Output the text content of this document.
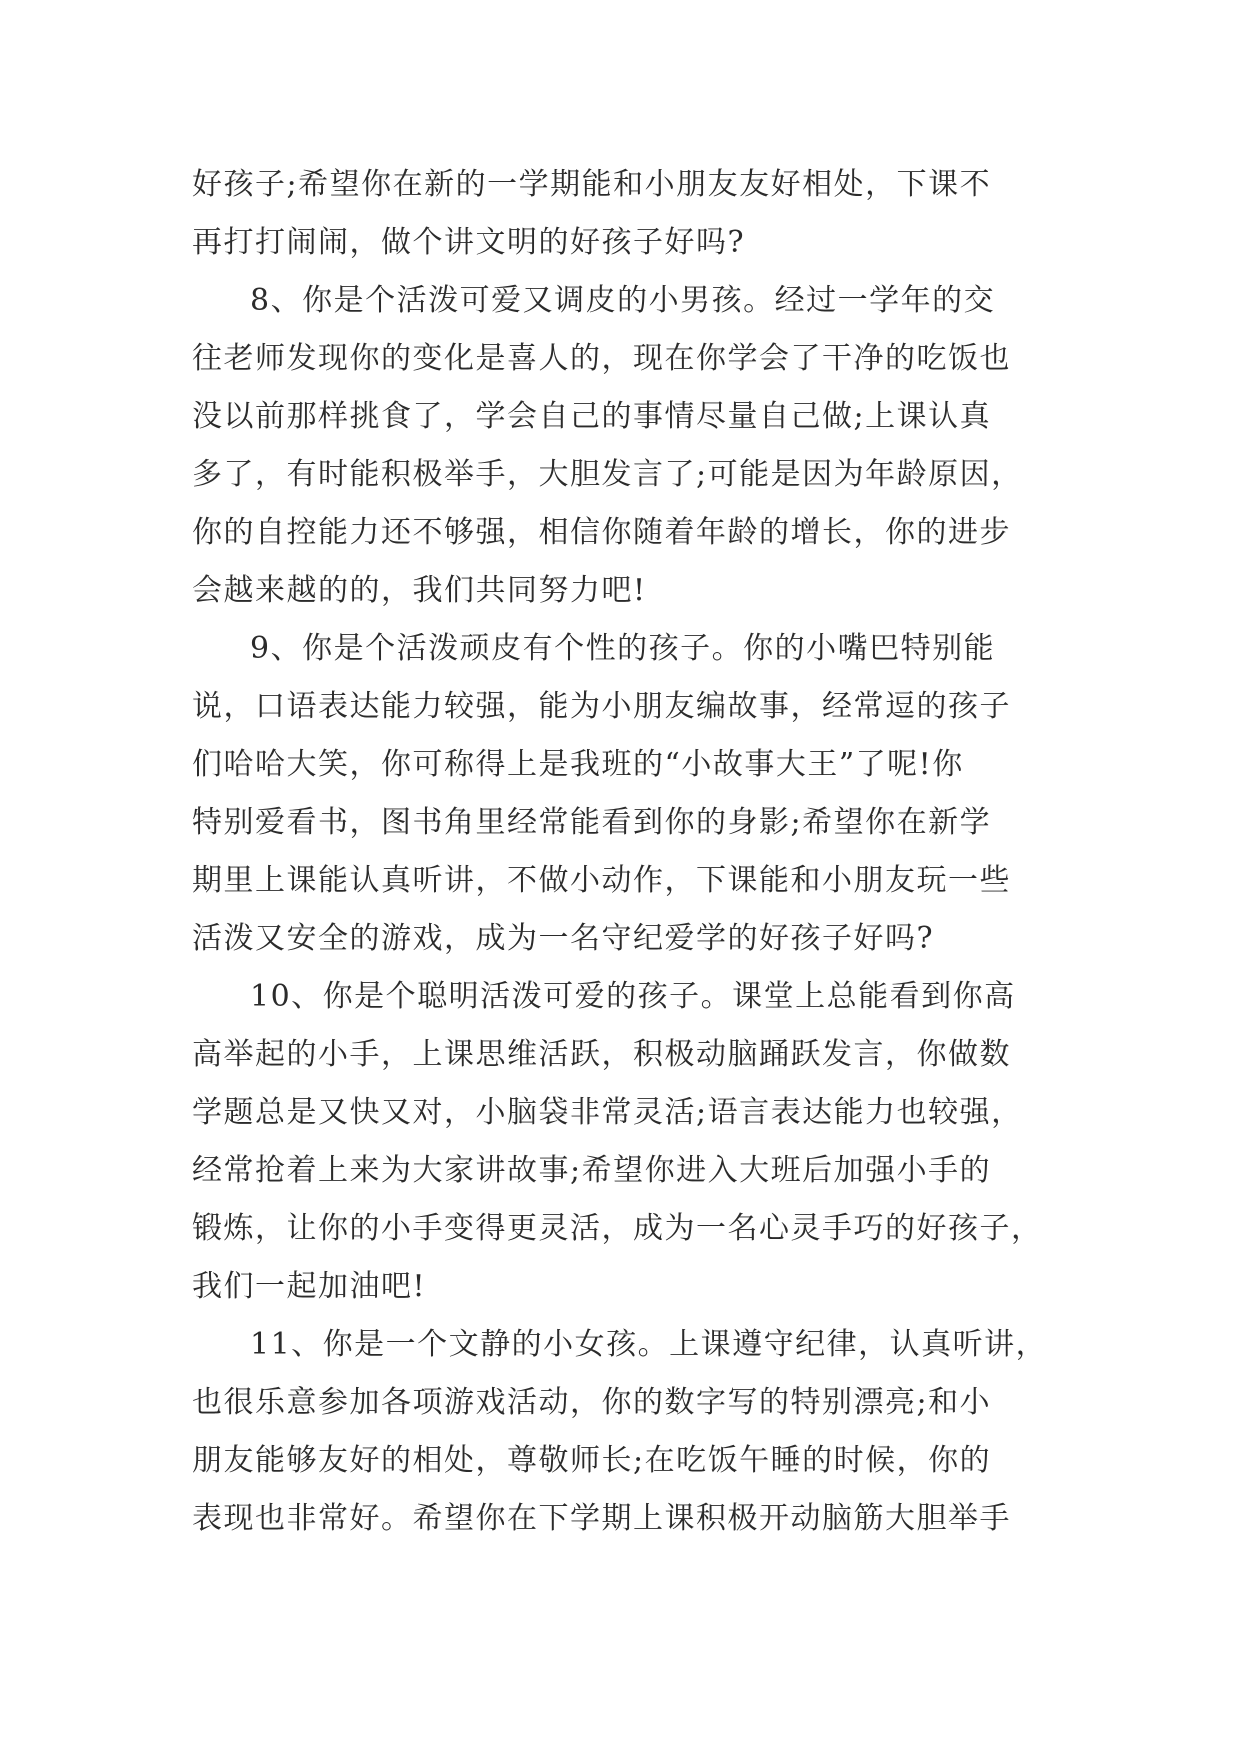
好孩子;希望你在新的一学期能和小朋友友好相处，下课不
再打打闹闹，做个讲文明的好孩子好吗?
8、你是个活泼可爱又调皮的小男孩。经过一学年的交
往老师发现你的变化是喜人的，现在你学会了干净的吃饭也
没以前那样挑食了，学会自己的事情尽量自己做;上课认真
多了，有时能积极举手，大胆发言了;可能是因为年龄原因，
你的自控能力还不够强，相信你随着年龄的增长，你的进步
会越来越的的，我们共同努力吧!
9、你是个活泼顽皮有个性的孩子。你的小嘴巴特别能
说，口语表达能力较强，能为小朋友编故事，经常逗的孩子
们哈哈大笑，你可称得上是我班的“小故事大王”了呢!你
特别爱看书，图书角里经常能看到你的身影;希望你在新学
期里上课能认真听讲，不做小动作，下课能和小朋友玩一些
活泼又安全的游戏，成为一名守纪爱学的好孩子好吗?
10、你是个聪明活泼可爱的孩子。课堂上总能看到你高
高举起的小手，上课思维活跃，积极动脑踊跃发言，你做数
学题总是又快又对，小脑袋非常灵活;语言表达能力也较强，
经常抢着上来为大家讲故事;希望你进入大班后加强小手的
锻炼，让你的小手变得更灵活，成为一名心灵手巧的好孩子，
我们一起加油吧!
11、你是一个文静的小女孩。上课遵守纪律，认真听讲，
也很乐意参加各项游戏活动，你的数字写的特别漂亮;和小
朋友能够友好的相处，尊敬师长;在吃饭午睡的时候，你的
表现也非常好。希望你在下学期上课积极开动脑筋大胆举手
